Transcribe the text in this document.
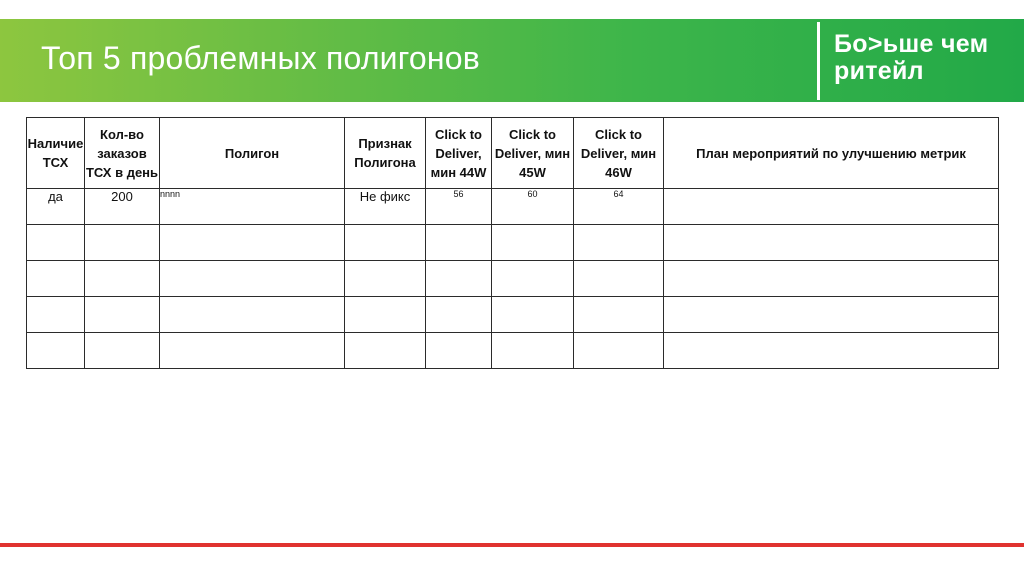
Топ 5 проблемных полигонов	Бо>ьше чем
ритейл
Наличие ТСХ	Кол-во заказов ТСХ в день	Полигон	Признак Полигона	Click to Deliver, мин 44W	Click to Deliver, мин 45W	Click to Deliver, мин 46W	План мероприятий по улучшению метрик
да	200	nnnn	Не фикс	56	60	64	
